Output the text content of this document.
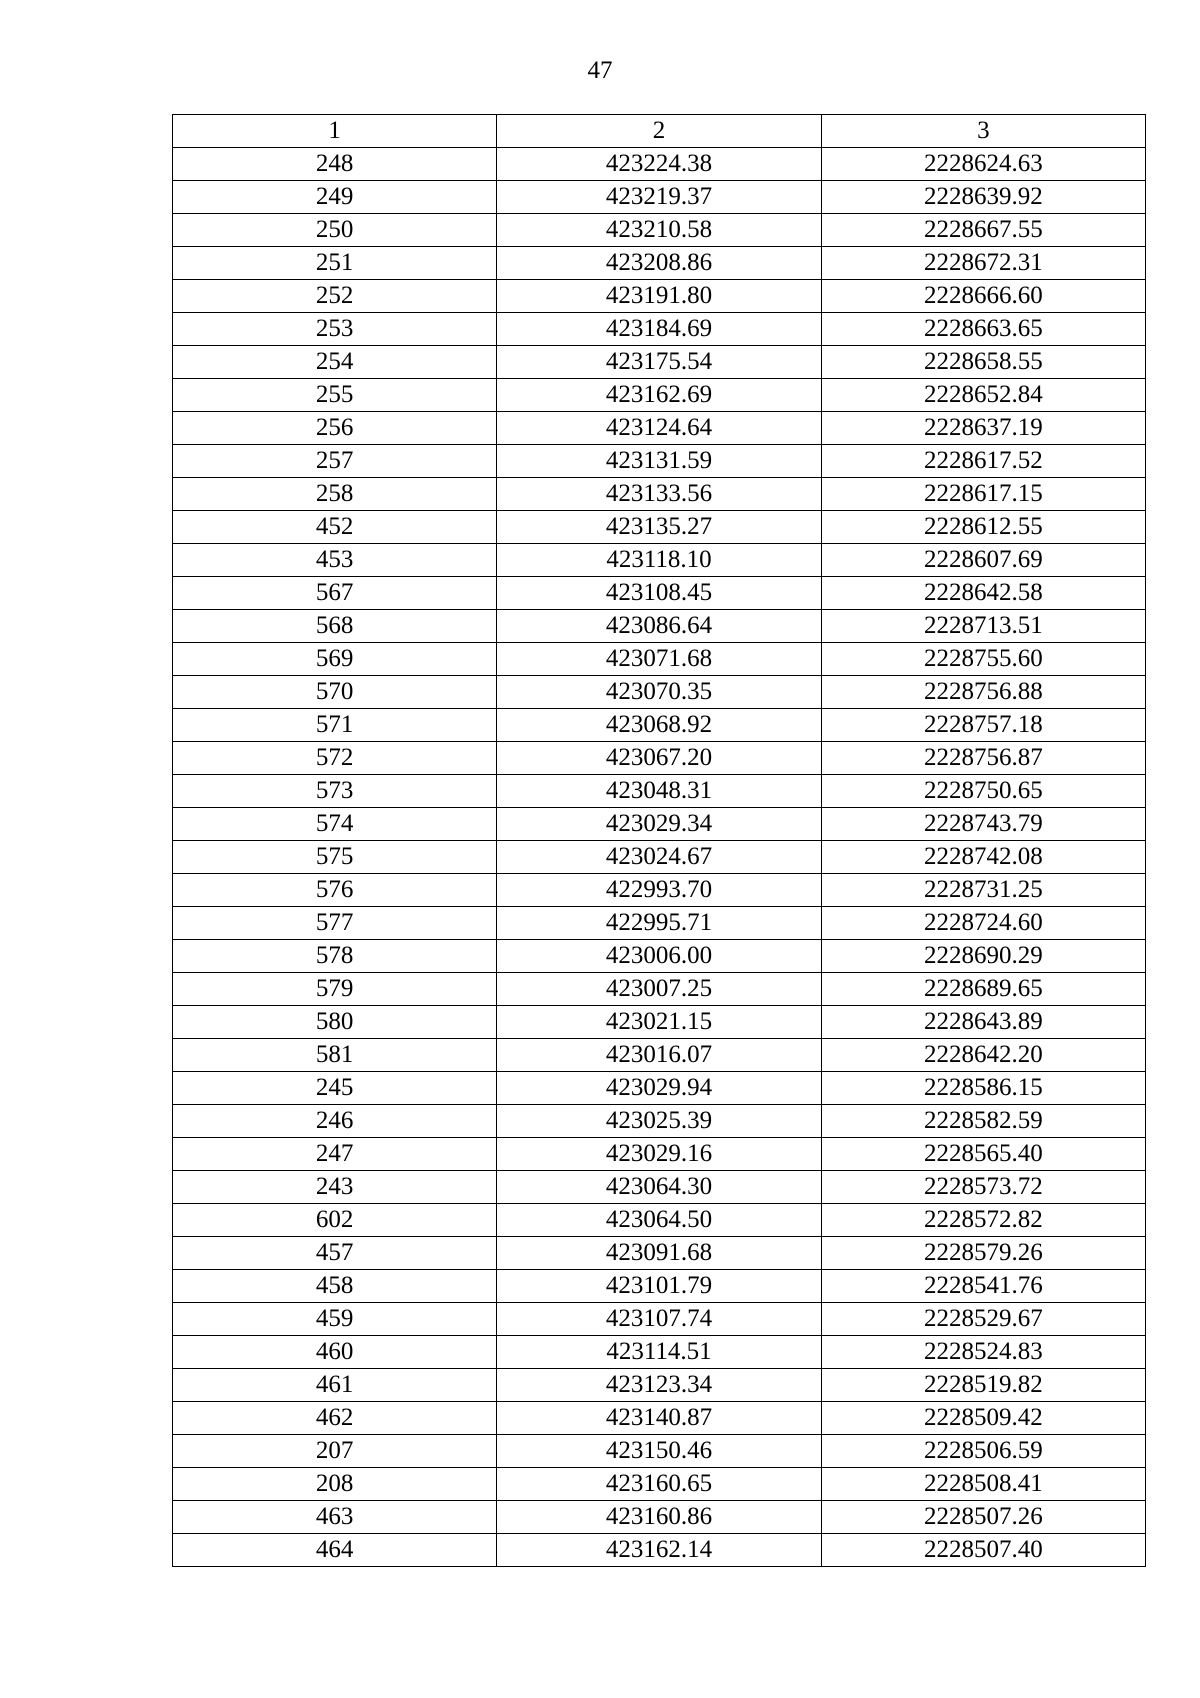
47
1	2	3
248	423224.38	2228624.63
249	423219.37	2228639.92
250	423210.58	2228667.55
251	423208.86	2228672.31
252	423191.80	2228666.60
253	423184.69	2228663.65
254	423175.54	2228658.55
255	423162.69	2228652.84
256	423124.64	2228637.19
257	423131.59	2228617.52
258	423133.56	2228617.15
452	423135.27	2228612.55
453	423118.10	2228607.69
567	423108.45	2228642.58
568	423086.64	2228713.51
569	423071.68	2228755.60
570	423070.35	2228756.88
571	423068.92	2228757.18
572	423067.20	2228756.87
573	423048.31	2228750.65
574	423029.34	2228743.79
575	423024.67	2228742.08
576	422993.70	2228731.25
577	422995.71	2228724.60
578	423006.00	2228690.29
579	423007.25	2228689.65
580	423021.15	2228643.89
581	423016.07	2228642.20
245	423029.94	2228586.15
246	423025.39	2228582.59
247	423029.16	2228565.40
243	423064.30	2228573.72
602	423064.50	2228572.82
457	423091.68	2228579.26
458	423101.79	2228541.76
459	423107.74	2228529.67
460	423114.51	2228524.83
461	423123.34	2228519.82
462	423140.87	2228509.42
207	423150.46	2228506.59
208	423160.65	2228508.41
463	423160.86	2228507.26
464	423162.14	2228507.40
